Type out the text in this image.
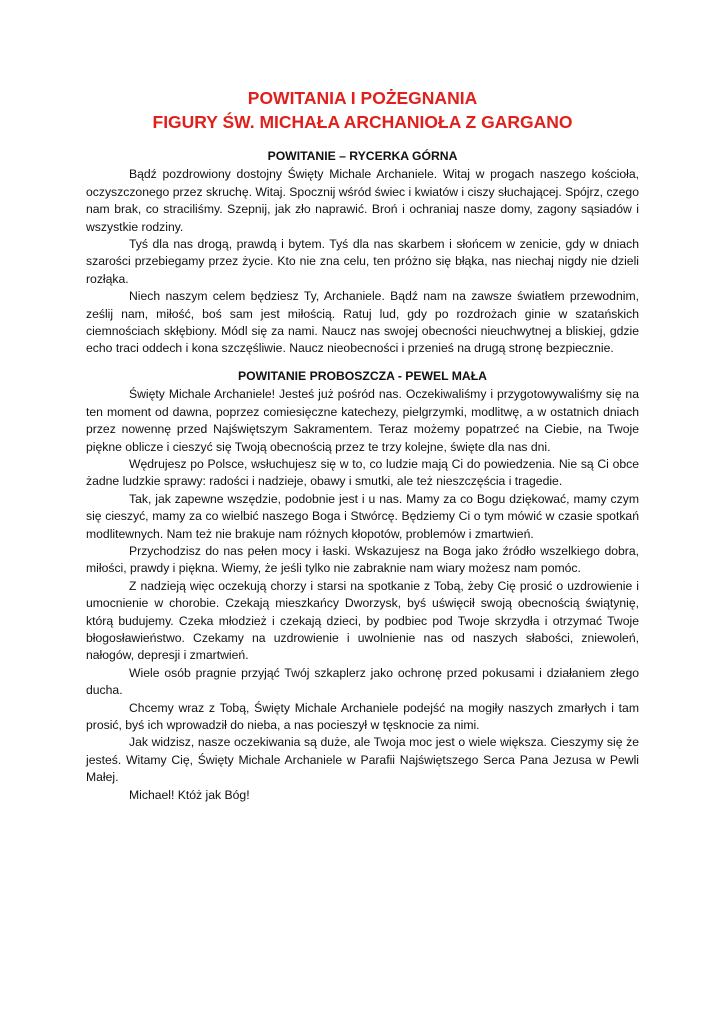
POWITANIA I POŻEGNANIA
FIGURY ŚW. MICHAŁA ARCHANIOŁA Z GARGANO
POWITANIE – RYCERKA GÓRNA

Bądź pozdrowiony dostojny Święty Michale Archaniele. Witaj w progach naszego kościoła, oczyszczonego przez skruchę. Witaj. Spocznij wśród świec i kwiatów i ciszy słuchającej. Spójrz, czego nam brak, co straciliśmy. Szepnij, jak zło naprawić. Broń i ochraniaj nasze domy, zagony sąsiadów i wszystkie rodziny.

Tyś dla nas drogą, prawdą i bytem. Tyś dla nas skarbem i słońcem w zenicie, gdy w dniach szarości przebiegamy przez życie. Kto nie zna celu, ten próżno się błąka, nas niechaj nigdy nie dzieli rozłąka.

Niech naszym celem będziesz Ty, Archaniele. Bądź nam na zawsze światłem przewodnim, ześlij nam, miłość, boś sam jest miłością. Ratuj lud, gdy po rozdrożach ginie w szatańskich ciemnościach skłębiony. Módl się za nami. Naucz nas swojej obecności nieuchwytnej a bliskiej, gdzie echo traci oddech i kona szczęśliwie. Naucz nieobecności i przenieś na drugą stronę bezpiecznie.

POWITANIE PROBOSZCZA - PEWEL MAŁA

Święty Michale Archaniele! Jesteś już pośród nas. Oczekiwaliśmy i przygotowywaliśmy się na ten moment od dawna, poprzez comiesięczne katechezy, pielgrzymki, modlitwę, a w ostatnich dniach przez nowennę przed Najświętszym Sakramentem. Teraz możemy popatrzeć na Ciebie, na Twoje piękne oblicze i cieszyć się Twoją obecnością przez te trzy kolejne, święte dla nas dni.

Wędrujesz po Polsce, wsłuchujesz się w to, co ludzie mają Ci do powiedzenia. Nie są Ci obce żadne ludzkie sprawy: radości i nadzieje, obawy i smutki, ale też nieszczęścia i tragedie.

Tak, jak zapewne wszędzie, podobnie jest i u nas. Mamy za co Bogu dziękować, mamy czym się cieszyć, mamy za co wielbić naszego Boga i Stwórcę. Będziemy Ci o tym mówić w czasie spotkań modlitewnych. Nam też nie brakuje nam różnych kłopotów, problemów i zmartwień.

Przychodzisz do nas pełen mocy i łaski. Wskazujesz na Boga jako źródło wszelkiego dobra, miłości, prawdy i piękna. Wiemy, że jeśli tylko nie zabraknie nam wiary możesz nam pomóc.

Z nadzieją więc oczekują chorzy i starsi na spotkanie z Tobą, żeby Cię prosić o uzdrowienie i umocnienie w chorobie. Czekają mieszkańcy Dworzysk, byś uświęcił swoją obecnością świątynię, którą budujemy. Czeka młodzież i czekają dzieci, by podbiec pod Twoje skrzydła i otrzymać Twoje błogosławieństwo. Czekamy na uzdrowienie i uwolnienie nas od naszych słabości, zniewoleń, nałogów, depresji i zmartwień.

Wiele osób pragnie przyjąć Twój szkaplerz jako ochronę przed pokusami i działaniem złego ducha.

Chcemy wraz z Tobą, Święty Michale Archaniele podejść na mogiły naszych zmarłych i tam prosić, byś ich wprowadził do nieba, a nas pocieszył w tęsknocie za nimi.

Jak widzisz, nasze oczekiwania są duże, ale Twoja moc jest o wiele większa. Cieszymy się że jesteś. Witamy Cię, Święty Michale Archaniele w Parafii Najświętszego Serca Pana Jezusa w Pewli Małej.

Michael! Któż jak Bóg!
